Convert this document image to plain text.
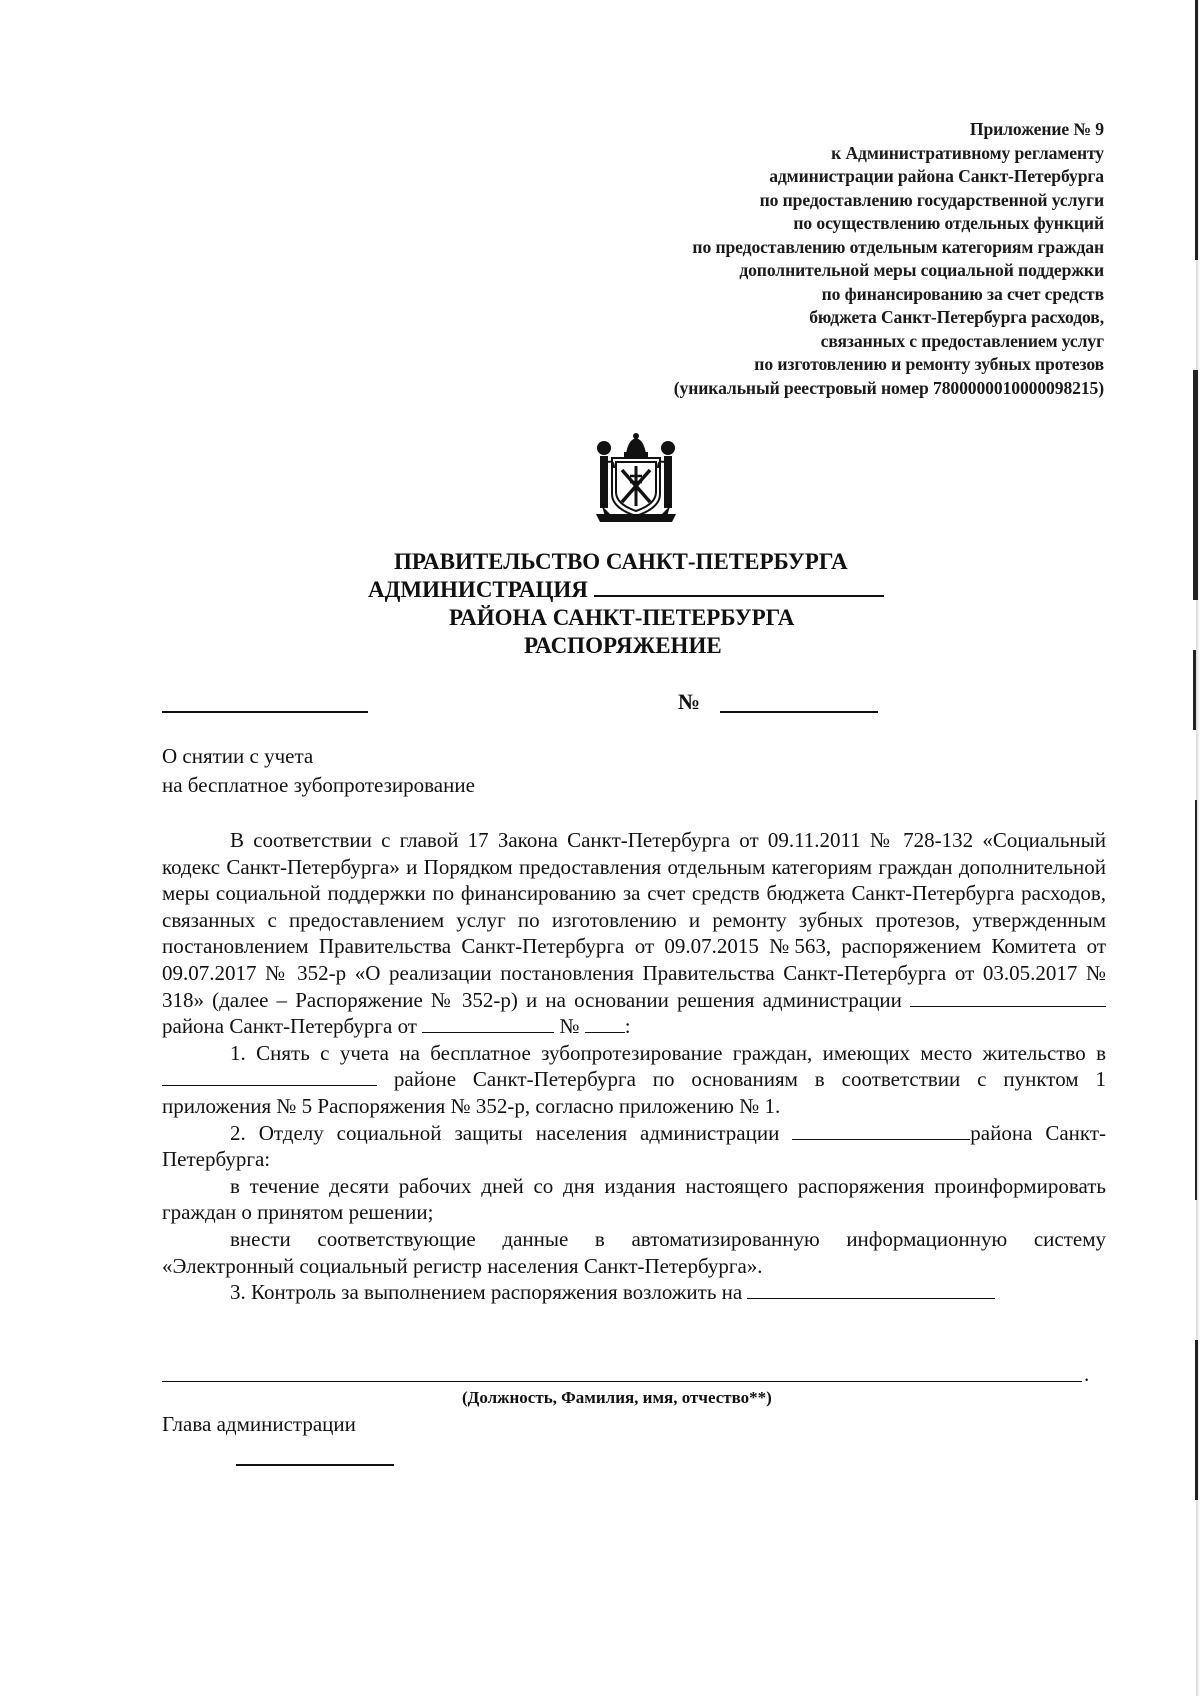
Приложение № 9
к Административному регламенту
администрации района Санкт-Петербурга
по предоставлению государственной услуги
по осуществлению отдельных функций
по предоставлению отдельным категориям граждан
дополнительной меры социальной поддержки
по финансированию за счет средств
бюджета Санкт-Петербурга расходов,
связанных с предоставлением услуг
по изготовлению и ремонту зубных протезов
(уникальный реестровый номер 7800000010000098215)
ПРАВИТЕЛЬСТВО САНКТ-ПЕТЕРБУРГА
АДМИНИСТРАЦИЯ
РАЙОНА САНКТ-ПЕТЕРБУРГА
РАСПОРЯЖЕНИЕ
№
О снятии с учета
на бесплатное зубопротезирование

В соответствии с главой 17 Закона Санкт-Петербурга от 09.11.2011 № 728-132 «Социальный кодекс Санкт-Петербурга» и Порядком предоставления отдельным категориям граждан дополнительной меры социальной поддержки по финансированию за счет средств бюджета Санкт-Петербурга расходов, связанных с предоставлением услуг по изготовлению и ремонту зубных протезов, утвержденным постановлением Правительства Санкт-Петербурга от 09.07.2015 №563, распоряжением Комитета от 09.07.2017 № 352-р «О реализации постановления Правительства Санкт-Петербурга от 03.05.2017 № 318» (далее – Распоряжение № 352-р) и на основании решения администрации  района Санкт-Петербурга от	№ :

1. Снять с учета на бесплатное зубопротезирование граждан, имеющих место жительство в  районе Санкт-Петербурга по основаниям в соответствии с пунктом 1 приложения № 5 Распоряжения № 352-р, согласно приложению № 1.

2. Отделу социальной защиты населения администрации	района Санкт-Петербурга:

в течение десяти рабочих дней со дня издания настоящего распоряжения проинформировать граждан о принятом решении;

внести соответствующие данные в автоматизированную информационную систему «Электронный социальный регистр населения Санкт-Петербурга».

3. Контроль за выполнением распоряжения возложить на

.
(Должность, Фамилия, имя, отчество**)
Глава администрации
